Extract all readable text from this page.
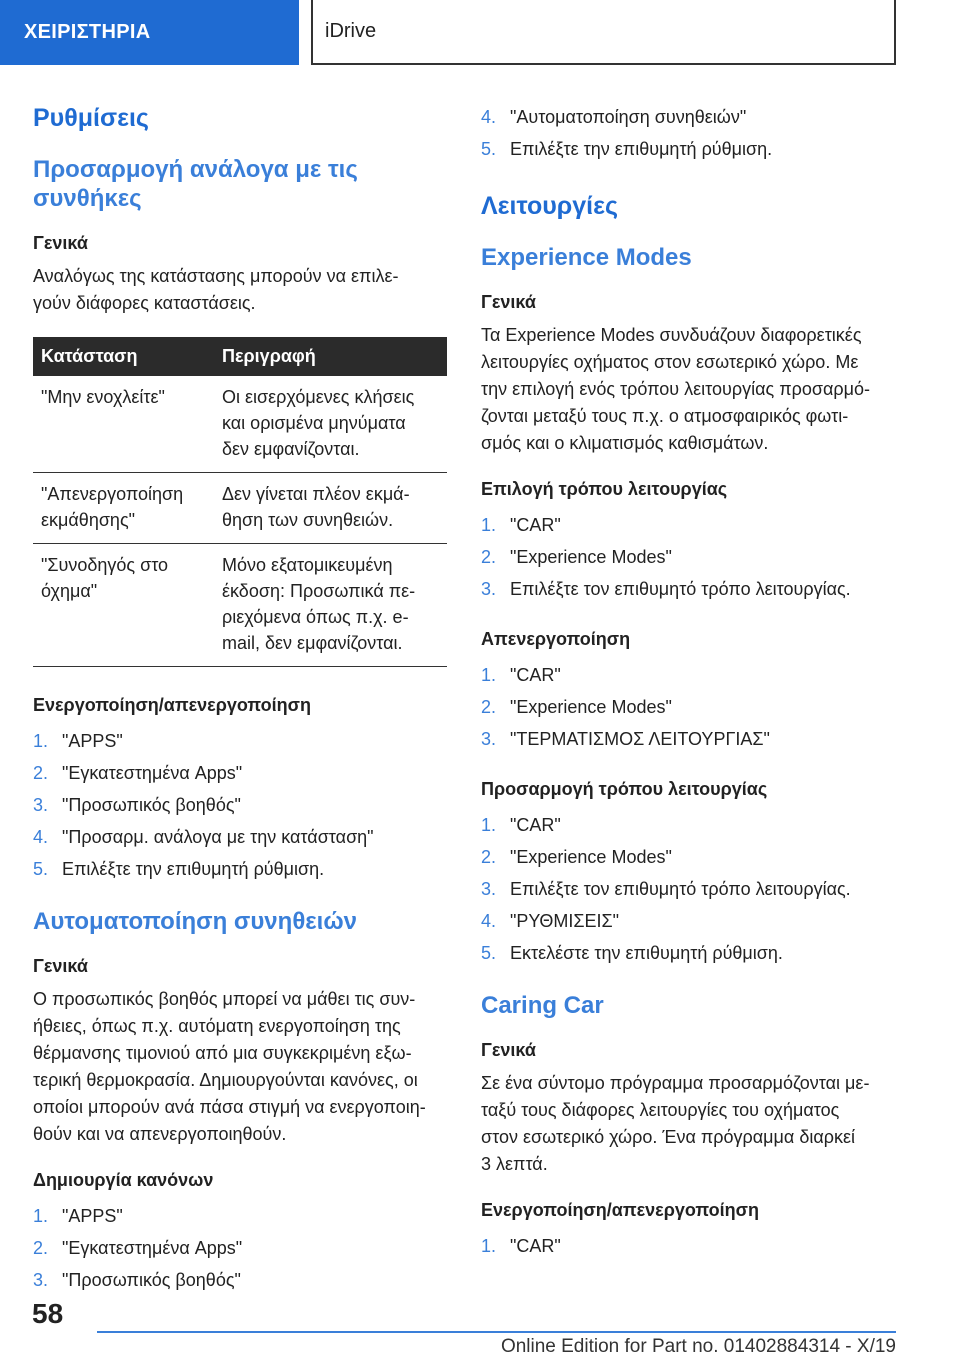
ΧΕΙΡΙΣΤΗΡΙΑ	iDrive
Ρυθμίσεις
Προσαρμογή ανάλογα με τις
συνθήκες
Γενικά
Αναλόγως της κατάστασης μπορούν να επιλε-
γούν διάφορες καταστάσεις.
Κατάσταση	Περιγραφή
"Μην ενοχλείτε"	Οι εισερχόμενες κλήσεις
και ορισμένα μηνύματα
δεν εμφανίζονται.
"Απενεργοποίηση
εκμάθησης"	Δεν γίνεται πλέον εκμά-
θηση των συνηθειών.
"Συνοδηγός στο
όχημα"	Μόνο εξατομικευμένη
έκδοση: Προσωπικά πε-
ριεχόμενα όπως π.χ. e-
mail, δεν εμφανίζονται.
Ενεργοποίηση/απενεργοποίηση
1. "APPS"
2. "Εγκατεστημένα Apps"
3. "Προσωπικός βοηθός"
4. "Προσαρμ. ανάλογα με την κατάσταση"
5. Επιλέξτε την επιθυμητή ρύθμιση.
Αυτοματοποίηση συνηθειών
Γενικά
Ο προσωπικός βοηθός μπορεί να μάθει τις συν-
ήθειες, όπως π.χ. αυτόματη ενεργοποίηση της
θέρμανσης τιμονιού από μια συγκεκριμένη εξω-
τερική θερμοκρασία. Δημιουργούνται κανόνες, οι
οποίοι μπορούν ανά πάσα στιγμή να ενεργοποιη-
θούν και να απενεργοποιηθούν.
Δημιουργία κανόνων
1. "APPS"
2. "Εγκατεστημένα Apps"
3. "Προσωπικός βοηθός"
4. "Αυτοματοποίηση συνηθειών"
5. Επιλέξτε την επιθυμητή ρύθμιση.
Λειτουργίες
Experience Modes
Γενικά
Τα Experience Modes συνδυάζουν διαφορετικές
λειτουργίες οχήματος στον εσωτερικό χώρο. Με
την επιλογή ενός τρόπου λειτουργίας προσαρμό-
ζονται μεταξύ τους π.χ. ο ατμοσφαιρικός φωτι-
σμός και ο κλιματισμός καθισμάτων.
Επιλογή τρόπου λειτουργίας
1. "CAR"
2. "Experience Modes"
3. Επιλέξτε τον επιθυμητό τρόπο λειτουργίας.
Απενεργοποίηση
1. "CAR"
2. "Experience Modes"
3. "ΤΕΡΜΑΤΙΣΜΟΣ ΛΕΙΤΟΥΡΓΙΑΣ"
Προσαρμογή τρόπου λειτουργίας
1. "CAR"
2. "Experience Modes"
3. Επιλέξτε τον επιθυμητό τρόπο λειτουργίας.
4. "ΡΥΘΜΙΣΕΙΣ"
5. Εκτελέστε την επιθυμητή ρύθμιση.
Caring Car
Γενικά
Σε ένα σύντομο πρόγραμμα προσαρμόζονται με-
ταξύ τους διάφορες λειτουργίες του οχήματος
στον εσωτερικό χώρο. Ένα πρόγραμμα διαρκεί
3 λεπτά.
Ενεργοποίηση/απενεργοποίηση
1. "CAR"
58
Online Edition for Part no. 01402884314 - X/19
